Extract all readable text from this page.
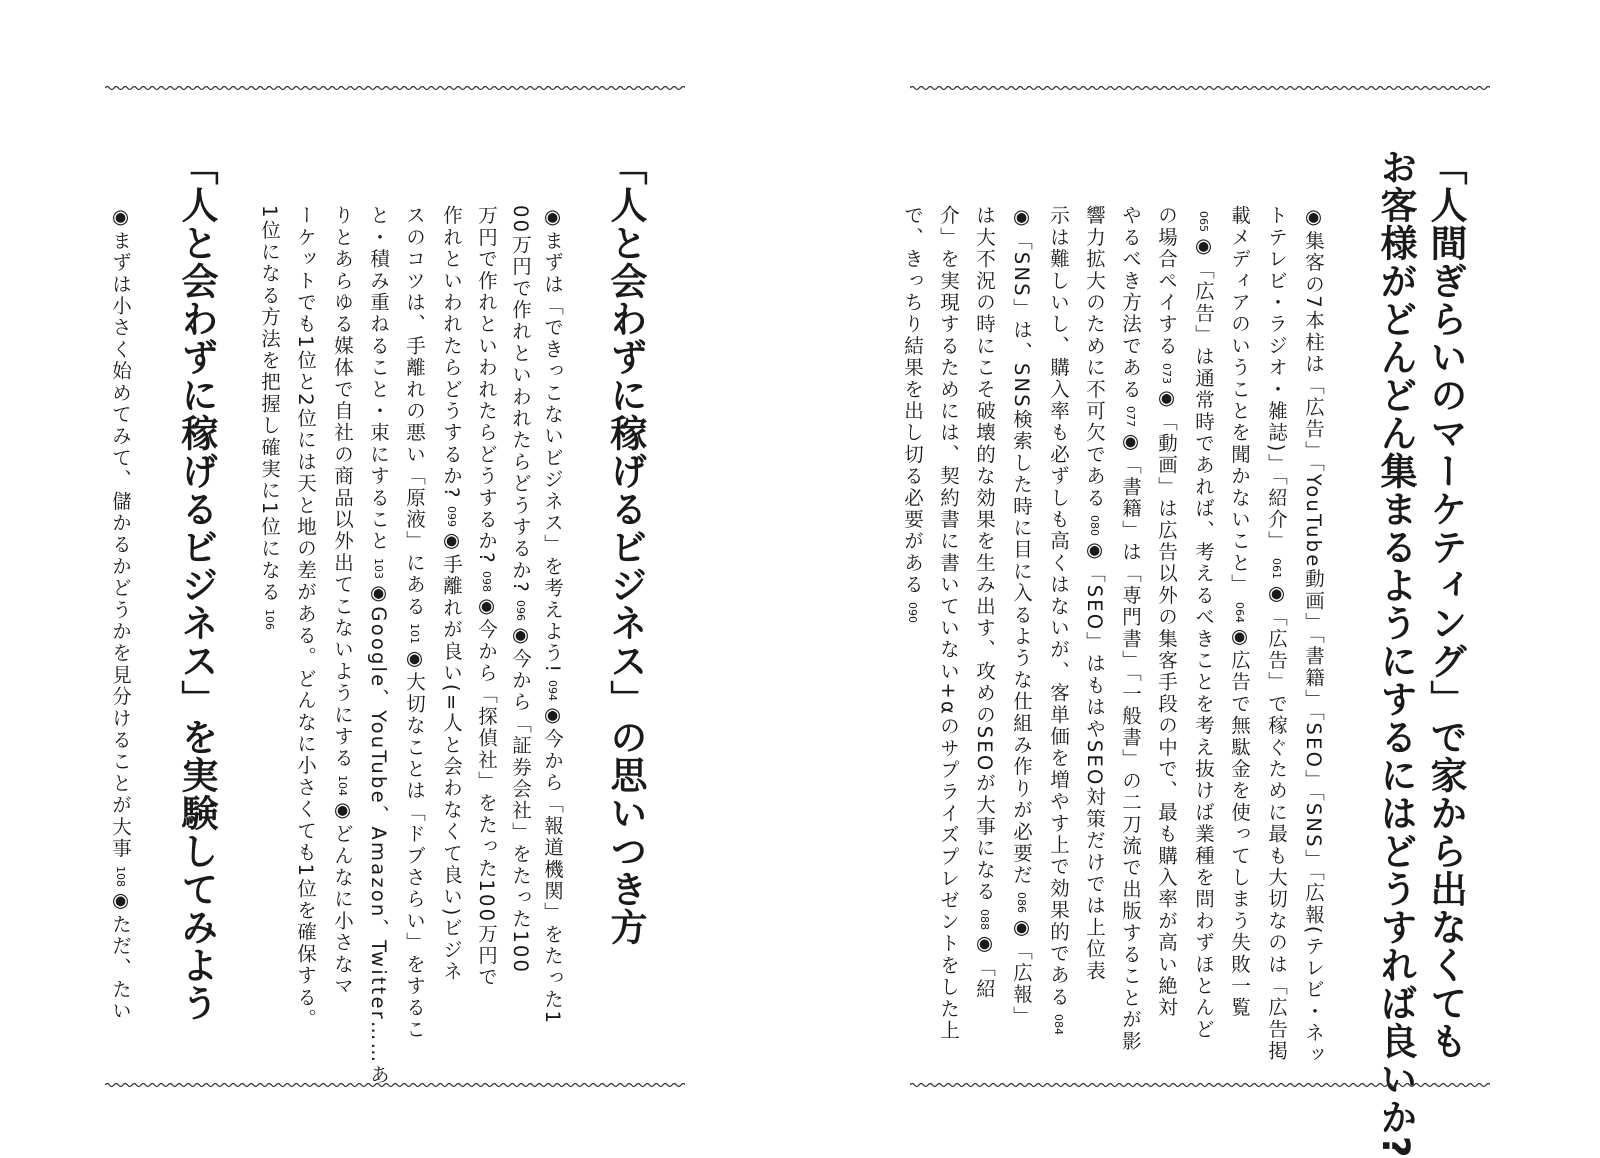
「人と会わずに稼げるビジネス」の思いつき方
◉まずは「できっこないビジネス」を考えよう!094◉今から「報道機関」をたった1
00万円で作れといわれたらどうするか?096◉今から「証券会社」をたった100
万円で作れといわれたらどうするか?098◉今から「探偵社」をたった100万円で
作れといわれたらどうするか?099◉手離れが良い(=人と会わなくて良い)ビジネ
スのコツは、手離れの悪い「原液」にある101◉大切なことは「ドブさらい」をするこ
と・積み重ねること・束にすること103◉Google、YouTube、Amazon、Twitter……あ
りとあらゆる媒体で自社の商品以外出てこないようにする104◉どんなに小さなマ
ーケットでも1位と2位には天と地の差がある。どんなに小さくても1位を確保する。
1位になる方法を把握し確実に1位になる106
「人と会わずに稼げるビジネス」を実験してみよう
◉まずは小さく始めてみて、儲かるかどうかを見分けることが大事108◉ただ、たい	「人間ぎらいのマーケティング」で家から出なくても
お客様がどんどん集まるようにするにはどうすれば良いか?
◉集客の7本柱は「広告」「YouTube動画」「書籍」「SEO」「SNS」「広報(テレビ・ネッ
トテレビ・ラジオ・雑誌)」「紹介」061◉「広告」で稼ぐために最も大切なのは「広告掲
載メディアのいうことを聞かないこと」064◉広告で無駄金を使ってしまう失敗一覧
065◉「広告」は通常時であれば、考えるべきことを考え抜けば業種を問わずほとんど
の場合ペイする073◉「動画」は広告以外の集客手段の中で、最も購入率が高い絶対
やるべき方法である077◉「書籍」は「専門書」「一般書」の二刀流で出版することが影
響力拡大のために不可欠である080◉「SEO」はもはやSEO対策だけでは上位表
示は難しいし、購入率も必ずしも高くはないが、客単価を増やす上で効果的である084
◉「SNS」は、SNS検索した時に目に入るような仕組み作りが必要だ086◉「広報」
は大不況の時にこそ破壊的な効果を生み出す、攻めのSEOが大事になる088◉「紹
介」を実現するためには、契約書に書いていない+αのサプライズプレゼントをした上
で、きっちり結果を出し切る必要がある090
